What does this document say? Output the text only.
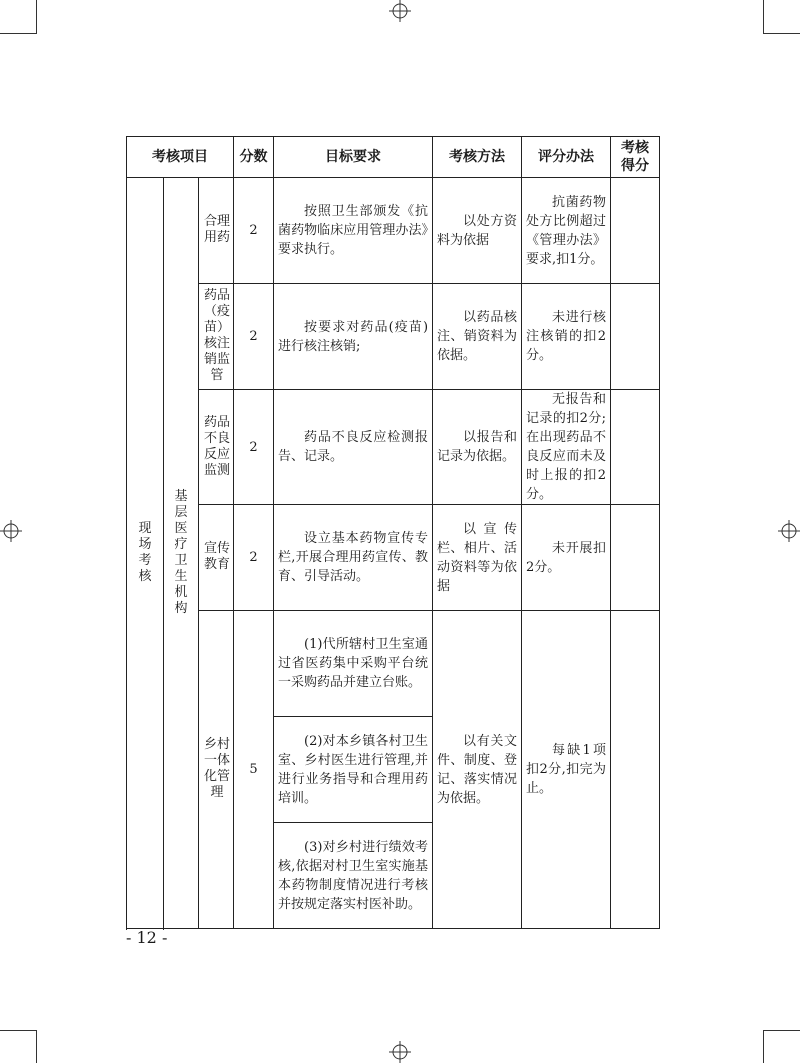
考核项目			分数	目标要求	考核方法	评分办法	考核得分
现场考核	基层医疗卫生机构	合理用药	2	按照卫生部颁发《抗菌药物临床应用管理办法》要求执行。	以处方资料为依据	抗菌药物处方比例超过《管理办法》要求,扣1分。	

		药品（疫苗）核注销监管	2	按要求对药品(疫苗)进行核注核销;	以药品核注、销资料为依据。	未进行核注核销的扣2分。	

		药品不良反应监测	2	药品不良反应检测报告、记录。	以报告和记录为依据。	无报告和记录的扣2分;在出现药品不良反应而未及时上报的扣2分。	

		宣传教育	2	设立基本药物宣传专栏,开展合理用药宣传、教育、引导活动。	以宣传栏、相片、活动资料等为依据	未开展扣2分。	

		乡村一体化管理	5	(1)代所辖村卫生室通过省医药集中采购平台统一采购药品并建立台账。	以有关文件、制度、登记、落实情况为依据。	每缺1项扣2分,扣完为止。	

				(2)对本乡镇各村卫生室、乡村医生进行管理,并进行业务指导和合理用药培训。			

				(3)对乡村进行绩效考核,依据对村卫生室实施基本药物制度情况进行考核并按规定落实村医补助。			

- 12 -
